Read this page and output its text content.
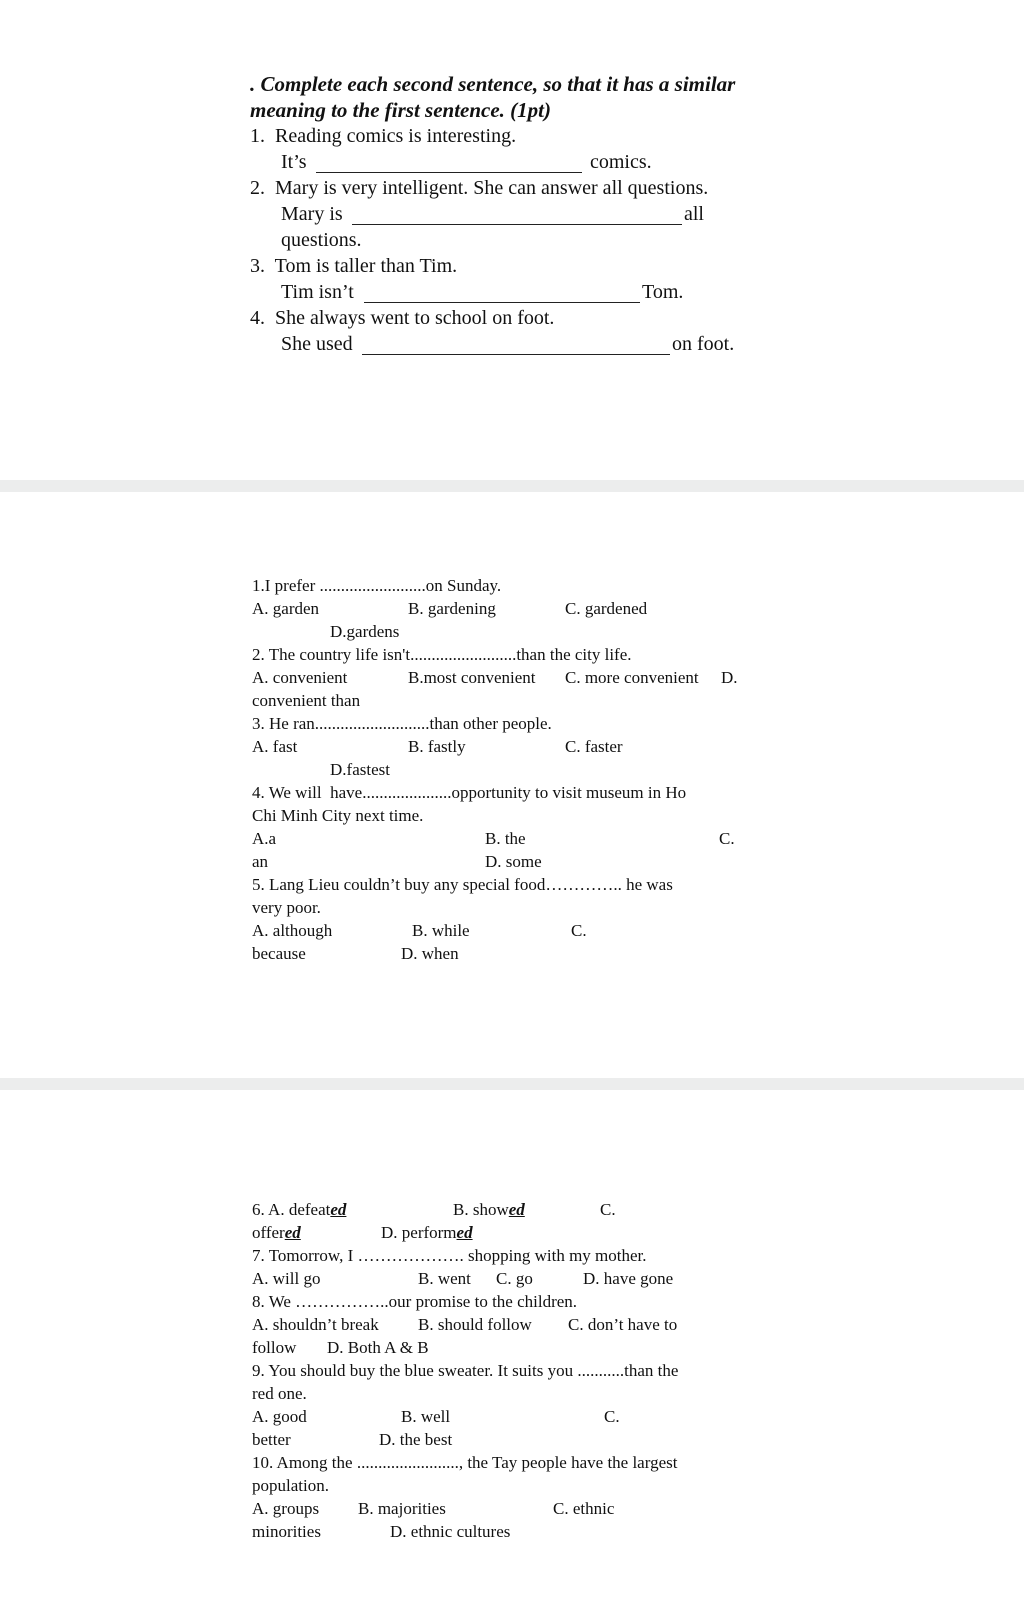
. Complete each second sentence, so that it has a similar
meaning to the first sentence. (1pt)
1.  Reading comics is interesting.
It’s	comics.
2.  Mary is very intelligent. She can answer all questions.
Mary is	all
questions.
3.  Tom is taller than Tim.
Tim isn’t	Tom.
4.  She always went to school on foot.
She used	on foot.
1.I prefer .........................on Sunday.
A. garden	B. gardening	C. gardened
D.gardens
2. The country life isn't.........................than the city life.
A. convenient	B.most convenient C. more convenient D.
convenient than
3. He ran...........................than other people.
A. fast	B. fastly	C. faster
D.fastest
4. We will  have.....................opportunity to visit museum in Ho
Chi Minh City next time.
A.a	B. the	C.
an	D. some
5. Lang Lieu couldn’t buy any special food………….. he was
very poor.
A. although	B. while	C.
because	D. when
6. A. defeated	B. showed	C.
offered	D. performed
7. Tomorrow, I ………………. shopping with my mother.
A. will go	B. went C. go	D. have gone
8. We ……………..our promise to the children.
A. shouldn’t break B. should follow C. don’t have to
follow D. Both A & B
9. You should buy the blue sweater. It suits you ...........than the
red one.
A. good	B. well	C.
better	D. the best
10. Among the ........................, the Tay people have the largest
population.
A. groups B. majorities	C. ethnic
minorities	D. ethnic cultures
